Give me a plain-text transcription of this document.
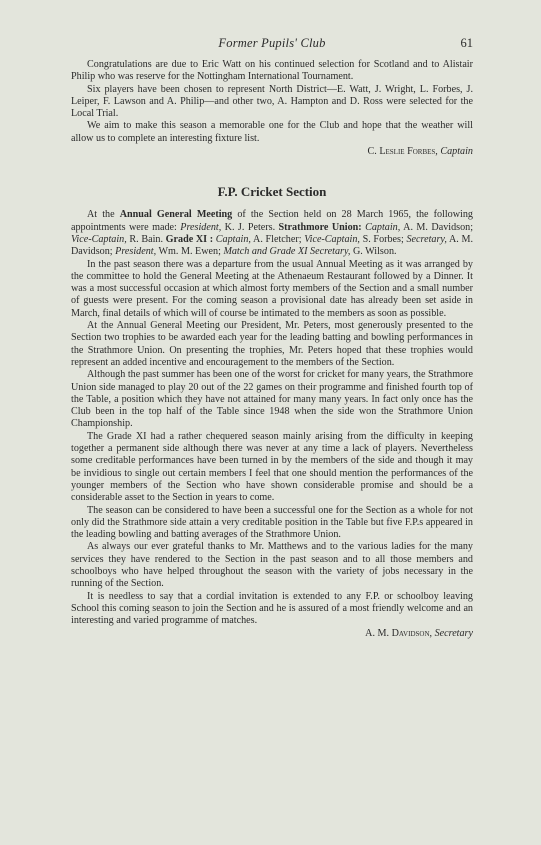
Former Pupils' Club	61

Congratulations are due to Eric Watt on his continued selection for Scotland and to Alistair Philip who was reserve for the Nottingham International Tournament.

Six players have been chosen to represent North District—E. Watt, J. Wright, L. Forbes, J. Leiper, F. Lawson and A. Philip—and other two, A. Hampton and D. Ross were selected for the Local Trial.

We aim to make this season a memorable one for the Club and hope that the weather will allow us to complete an interesting fixture list.

C. Leslie Forbes, Captain

F.P. Cricket Section

At the Annual General Meeting of the Section held on 28 March 1965, the following appointments were made: President, K. J. Peters. Strathmore Union: Captain, A. M. Davidson; Vice-Captain, R. Bain. Grade XI : Captain, A. Fletcher; Vice-Captain, S. Forbes; Secretary, A. M. Davidson; President, Wm. M. Ewen; Match and Grade XI Secretary, G. Wilson.

In the past season there was a departure from the usual Annual Meeting as it was arranged by the committee to hold the General Meeting at the Athenaeum Restaurant followed by a Dinner. It was a most successful occasion at which almost forty members of the Section and a small number of guests were present. For the coming season a provisional date has already been set aside in March, final details of which will of course be intimated to the members as soon as possible.

At the Annual General Meeting our President, Mr. Peters, most generously presented to the Section two trophies to be awarded each year for the leading batting and bowling performances in the Strathmore Union. On presenting the trophies, Mr. Peters hoped that these trophies would represent an added incentive and encouragement to the members of the Section.

Although the past summer has been one of the worst for cricket for many years, the Strathmore Union side managed to play 20 out of the 22 games on their programme and finished fourth top of the Table, a position which they have not attained for many many years. In fact only once has the Club been in the top half of the Table since 1948 when the side won the Strathmore Union Championship.

The Grade XI had a rather chequered season mainly arising from the difficulty in keeping together a permanent side although there was never at any time a lack of players. Nevertheless some creditable performances have been turned in by the members of the side and though it may be invidious to single out certain members I feel that one should mention the performances of the younger members of the Section who have shown considerable promise and should be a considerable asset to the Section in years to come.

The season can be considered to have been a successful one for the Section as a whole for not only did the Strathmore side attain a very creditable position in the Table but five F.P.s appeared in the leading bowling and batting averages of the Strathmore Union.

As always our ever grateful thanks to Mr. Matthews and to the various ladies for the many services they have rendered to the Section in the past season and to all those members and schoolboys who have helped throughout the season with the variety of jobs necessary in the running of the Section.

It is needless to say that a cordial invitation is extended to any F.P. or schoolboy leaving School this coming season to join the Section and he is assured of a most friendly welcome and an interesting and varied programme of matches.

A. M. Davidson, Secretary
